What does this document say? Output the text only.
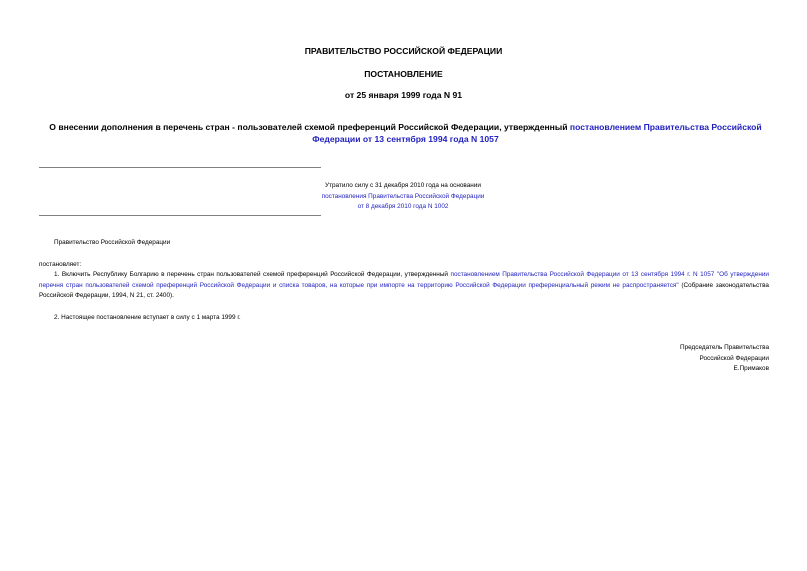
ПРАВИТЕЛЬСТВО РОССИЙСКОЙ ФЕДЕРАЦИИ
ПОСТАНОВЛЕНИЕ
от 25 января 1999 года N 91
О внесении дополнения в перечень стран - пользователей схемой преференций Российской Федерации, утвержденный постановлением Правительства Российской Федерации от 13 сентября 1994 года N 1057
Утратило силу с 31 декабря 2010 года на основании
постановления Правительства Российской Федерации
от 8 декабря 2010 года N 1002
Правительство Российской Федерации
постановляет:
1. Включить Республику Болгарию в перечень стран пользователей схемой преференций Российской Федерации, утвержденный постановлением Правительства Российской Федерации от 13 сентября 1994 г. N 1057 "Об утверждении перечня стран пользователей схемой преференций Российской Федерации и списка товаров, на которые при импорте на территорию Российской Федерации преференциальный режим не распространяется" (Собрание законодательства Российской Федерации, 1994, N 21, ст. 2400).
2. Настоящее постановление вступает в силу с 1 марта 1999 г.
Председатель Правительства
Российской Федерации
Е.Примаков
